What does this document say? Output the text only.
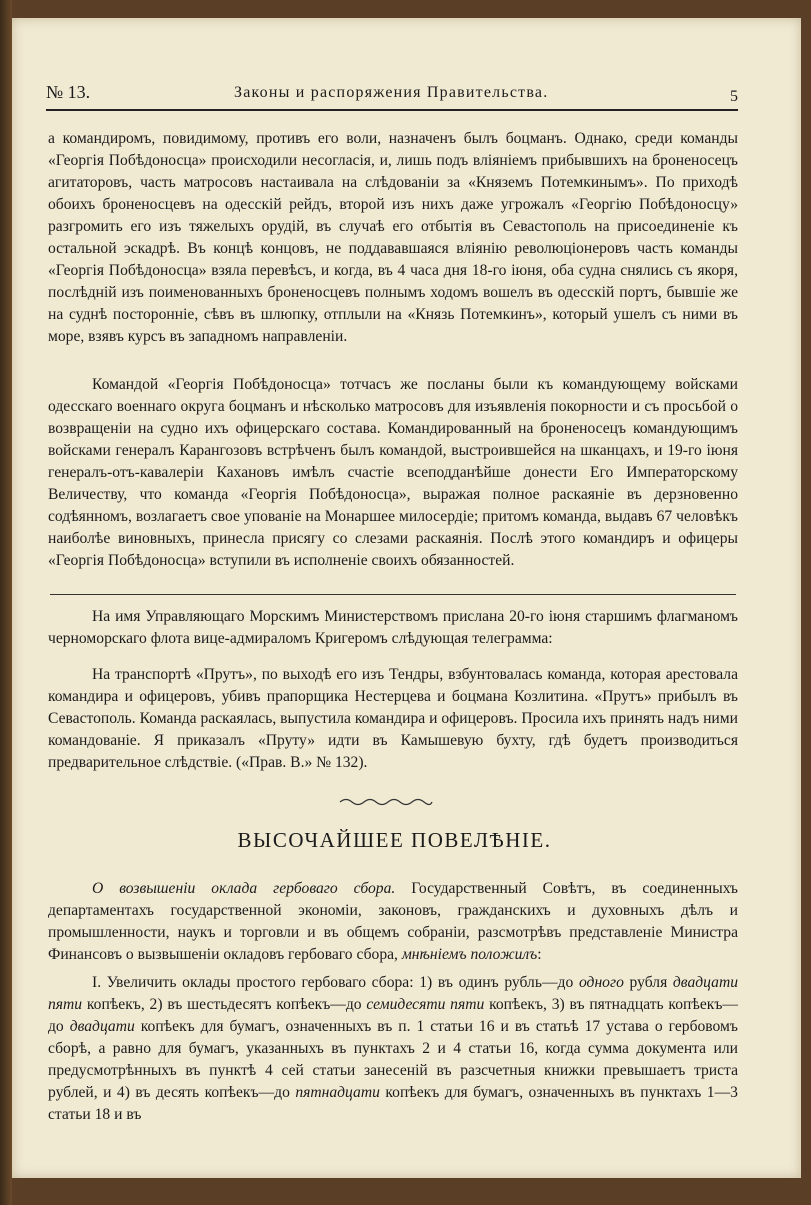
№ 13.	Законы и распоряжения Правительства.	5

а командиромъ, повидимому, противъ его воли, назначенъ былъ боцманъ. Однако, среди команды «Георгія Побѣдоносца» происходили несогласія, и, лишь подъ вліяніемъ прибывшихъ на броненосецъ агитаторовъ, часть матросовъ настаивала на слѣдованіи за «Княземъ Потемкинымъ». По приходѣ обоихъ броненосцевъ на одесскій рейдъ, второй изъ нихъ даже угрожалъ «Георгію Побѣдоносцу» разгромить его изъ тяжелыхъ орудій, въ случаѣ его отбытія въ Севастополь на присоединеніе къ остальной эскадрѣ. Въ концѣ концовъ, не поддававшаяся вліянію революціонеровъ часть команды «Георгія Побѣдоносца» взяла перевѣсъ, и когда, въ 4 часа дня 18-го іюня, оба судна снялись съ якоря, послѣдній изъ поименованныхъ броненосцевъ полнымъ ходомъ вошелъ въ одесскій портъ, бывшіе же на суднѣ посторонніе, сѣвъ въ шлюпку, отплыли на «Князь Потемкинъ», который ушелъ съ ними въ море, взявъ курсъ въ западномъ направленіи.

Командой «Георгія Побѣдоносца» тотчасъ же посланы были къ командующему войсками одесскаго военнаго округа боцманъ и нѣсколько матросовъ для изъявленія покорности и съ просьбой о возвращеніи на судно ихъ офицерскаго состава. Командированный на броненосецъ командующимъ войсками генералъ Карангозовъ встрѣченъ былъ командой, выстроившейся на шканцахъ, и 19-го іюня генералъ-отъ-кавалеріи Кахановъ имѣлъ счастіе всеподданѣйше донести Его Императорскому Величеству, что команда «Георгія Побѣдоносца», выражая полное раскаяніе въ дерзновенно содѣянномъ, возлагаетъ свое упованіе на Монаршее милосердіе; притомъ команда, выдавъ 67 человѣкъ наиболѣе виновныхъ, принесла присягу со слезами раскаянія. Послѣ этого командиръ и офицеры «Георгія Побѣдоносца» вступили въ исполненіе своихъ обязанностей.

На имя Управляющаго Морскимъ Министерствомъ прислана 20-го іюня старшимъ флагманомъ черноморскаго флота вице-адмираломъ Кригеромъ слѣдующая телеграмма:

На транспортѣ «Прутъ», по выходѣ его изъ Тендры, взбунтовалась команда, которая арестовала командира и офицеровъ, убивъ прапорщика Нестерцева и боцмана Козлитина. «Прутъ» прибылъ въ Севастополь. Команда раскаялась, выпустила командира и офицеровъ. Просила ихъ принять надъ ними командованіе. Я приказалъ «Пруту» идти въ Камышевую бухту, гдѣ будетъ производиться предварительное слѣдствіе. («Прав. В.» № 132).

ВЫСОЧАЙШЕЕ ПОВЕЛѢНІЕ.

О возвышеніи оклада гербоваго сбора. Государственный Совѣтъ, въ соединенныхъ департаментахъ государственной экономіи, законовъ, гражданскихъ и духовныхъ дѣлъ и промышленности, наукъ и торговли и въ общемъ собраніи, разсмотрѣвъ представленіе Министра Финансовъ о вызвышеніи окладовъ гербоваго сбора, мнѣніемъ положилъ:

I. Увеличить оклады простого гербоваго сбора: 1) въ одинъ рубль—до одного рубля двадцати пяти копѣекъ, 2) въ шестьдесятъ копѣекъ—до семидесяти пяти копѣекъ, 3) въ пятнадцать копѣекъ—до двадцати копѣекъ для бумагъ, означенныхъ въ п. 1 статьи 16 и въ статьѣ 17 устава о гербовомъ сборѣ, а равно для бумагъ, указанныхъ въ пунктахъ 2 и 4 статьи 16, когда сумма документа или предусмотрѣнныхъ въ пунктѣ 4 сей статьи занесеній въ разсчетныя книжки превышаетъ триста рублей, и 4) въ десять копѣекъ—до пятнадцати копѣекъ для бумагъ, означенныхъ въ пунктахъ 1—3 статьи 18 и въ
